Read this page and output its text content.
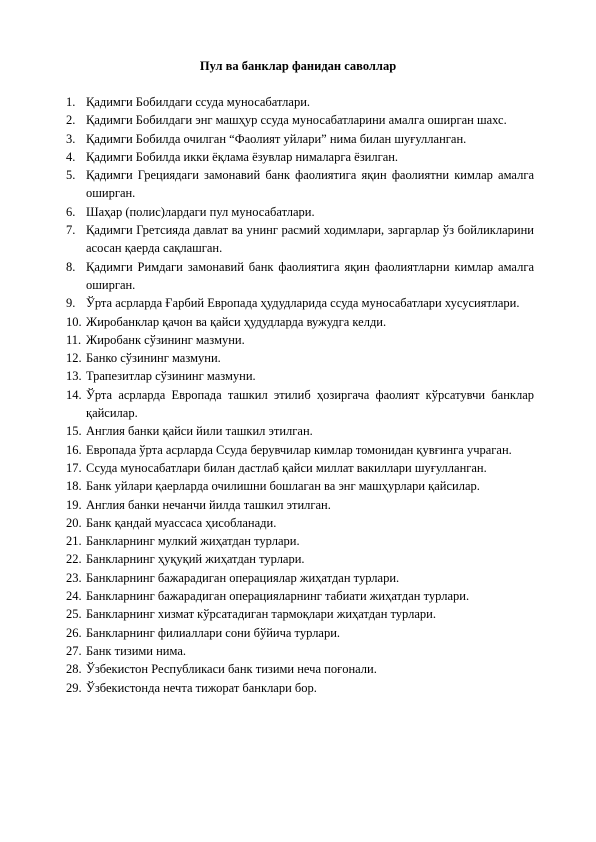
Пул ва банклар фанидан саволлар
1. Қадимги Бобилдаги ссуда муносабатлари.
2. Қадимги Бобилдаги энг машҳур ссуда муносабатларини амалга оширган шахс.
3. Қадимги Бобилда очилган “Фаолият уйлари” нима билан шуғулланган.
4. Қадимги Бобилда икки ёқлама ёзувлар нималарга ёзилган.
5. Қадимги Грециядаги замонавий банк фаолиятига яқин фаолиятни кимлар амалга оширган.
6. Шаҳар (полис)лардаги пул муносабатлари.
7. Қадимги Гретсияда давлат ва унинг расмий ходимлари, заргарлар ўз бойликларини асосан қаерда сақлашган.
8. Қадимги Римдаги замонавий банк фаолиятига яқин фаолиятларни кимлар амалга оширган.
9. Ўрта асрларда Ғарбий Европада ҳудудларида ссуда муносабатлари хусусиятлари.
10. Жиробанклар қачон ва қайси ҳудудларда вужудга келди.
11. Жиробанк сўзининг мазмуни.
12. Банко сўзининг мазмуни.
13. Трапезитлар сўзининг мазмуни.
14. Ўрта асрларда Европада ташкил этилиб ҳозиргача фаолият кўрсатувчи банклар қайсилар.
15. Англия банки қайси йили ташкил этилган.
16. Европада ўрта асрларда Ссуда берувчилар кимлар томонидан қувғинга учраган.
17. Ссуда муносабатлари билан дастлаб қайси миллат вакиллари шуғулланган.
18. Банк уйлари қаерларда очилишни бошлаган ва энг машҳурлари қайсилар.
19. Англия банки нечанчи йилда ташкил этилган.
20. Банк қандай муассаса ҳисобланади.
21. Банкларнинг мулкий жиҳатдан турлари.
22. Банкларнинг ҳуқуқий жиҳатдан турлари.
23. Банкларнинг бажарадиган операциялар жиҳатдан турлари.
24. Банкларнинг бажарадиган операцияларнинг табиати жиҳатдан турлари.
25. Банкларнинг хизмат кўрсатадиган тармоқлари жиҳатдан турлари.
26. Банкларнинг филиаллари сони бўйича турлари.
27. Банк тизими нима.
28. Ўзбекистон Республикаси банк тизими неча поғонали.
29. Ўзбекистонда нечта тижорат банклари бор.
